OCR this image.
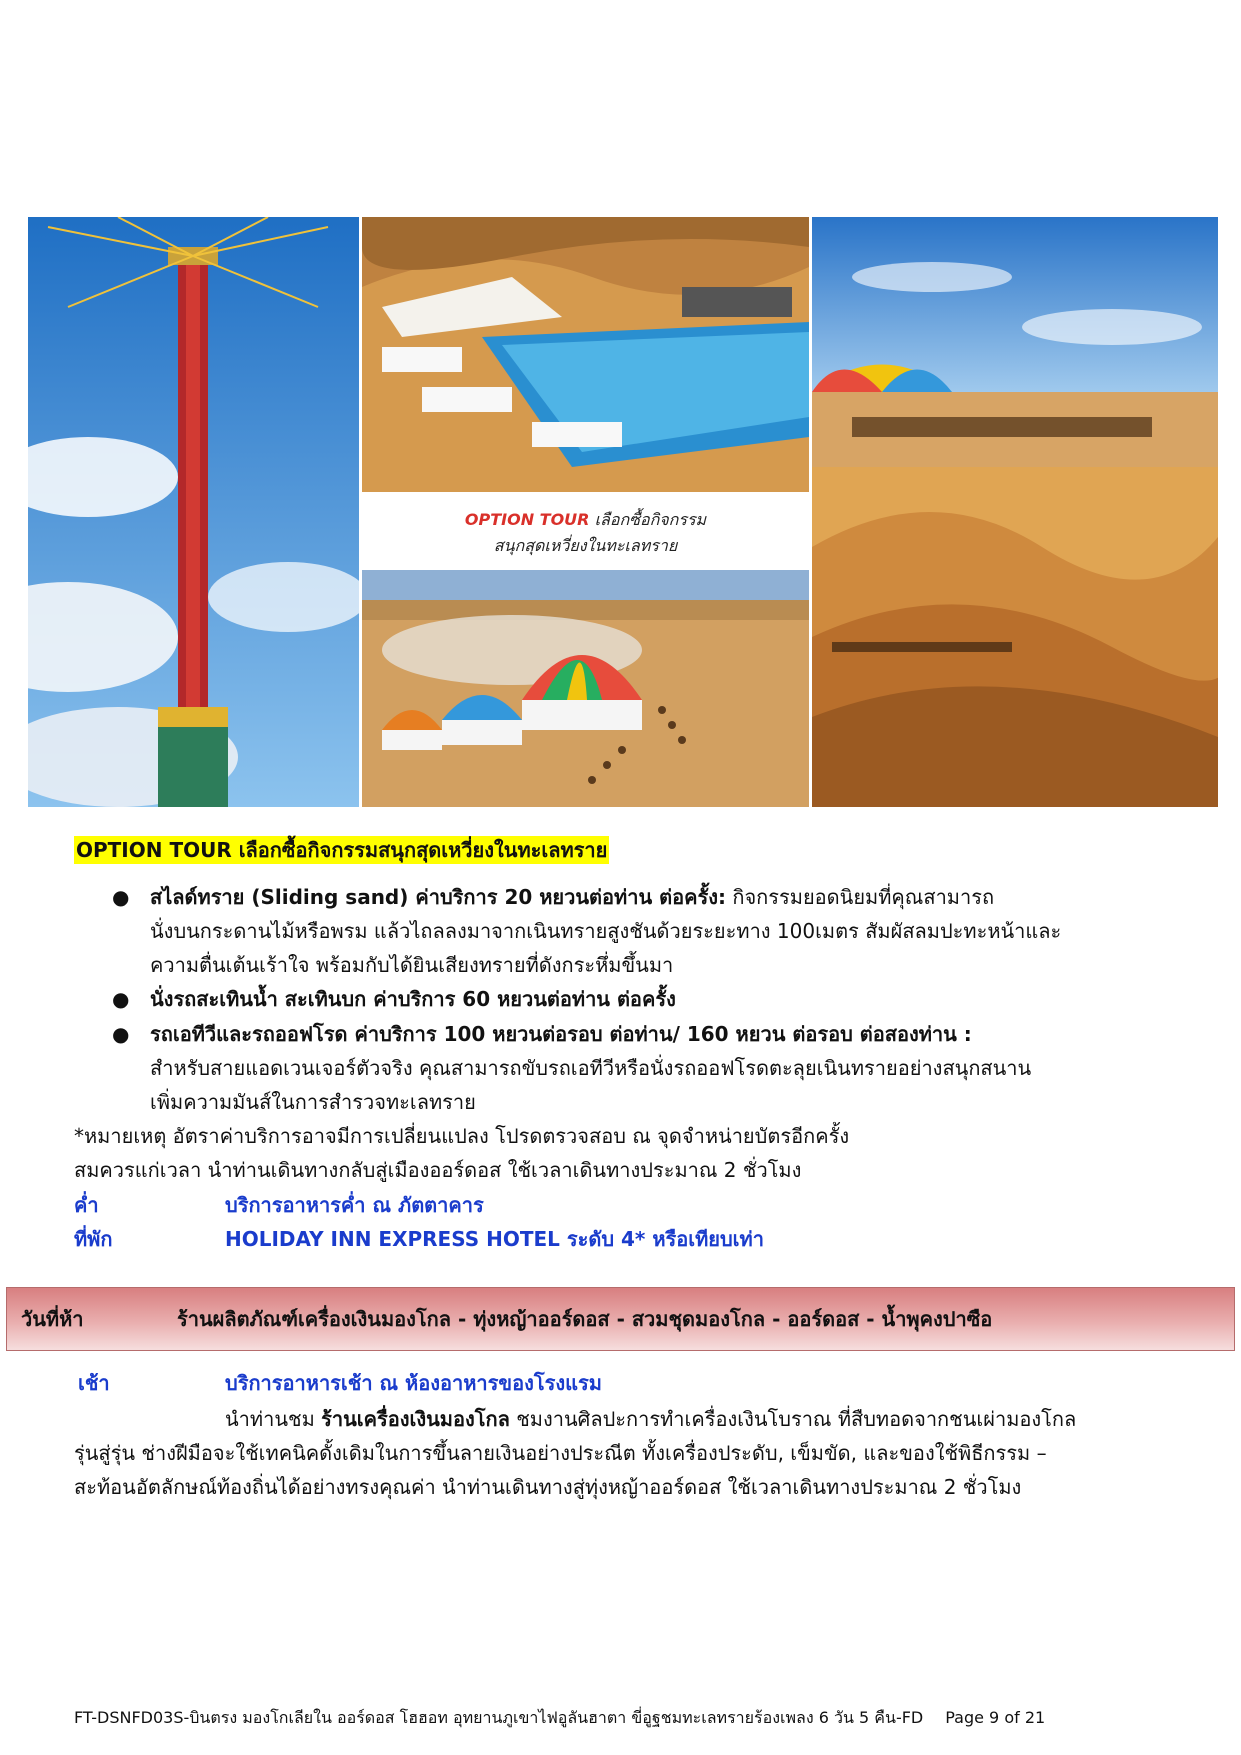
OPTION TOUR เลือกซื้อกิจกรรม
สนุกสุดเหวี่ยงในทะเลทราย
OPTION TOUR เลือกซื้อกิจกรรมสนุกสุดเหวี่ยงในทะเลทราย
● สไลด์ทราย (Sliding sand) ค่าบริการ 20 หยวนต่อท่าน ต่อครั้ง: กิจกรรมยอดนิยมที่คุณสามารถ
นั่งบนกระดานไม้หรือพรม แล้วไถลลงมาจากเนินทรายสูงชันด้วยระยะทาง 100เมตร สัมผัสลมปะทะหน้าและ
ความตื่นเต้นเร้าใจ พร้อมกับได้ยินเสียงทรายที่ดังกระหึ่มขึ้นมา
● นั่งรถสะเทินน้ำ สะเทินบก ค่าบริการ 60 หยวนต่อท่าน ต่อครั้ง
● รถเอทีวีและรถออฟโรด ค่าบริการ 100 หยวนต่อรอบ ต่อท่าน/ 160 หยวน ต่อรอบ ต่อสองท่าน :
สำหรับสายแอดเวนเจอร์ตัวจริง คุณสามารถขับรถเอทีวีหรือนั่งรถออฟโรดตะลุยเนินทรายอย่างสนุกสนาน
เพิ่มความมันส์ในการสำรวจทะเลทราย
*หมายเหตุ อัตราค่าบริการอาจมีการเปลี่ยนแปลง โปรดตรวจสอบ ณ จุดจำหน่ายบัตรอีกครั้ง
สมควรแก่เวลา นำท่านเดินทางกลับสู่เมืองออร์ดอส ใช้เวลาเดินทางประมาณ 2 ชั่วโมง
ค่ำ	บริการอาหารค่ำ ณ ภัตตาคาร
ที่พัก	HOLIDAY INN EXPRESS HOTEL ระดับ 4* หรือเทียบเท่า
วันที่ห้า	ร้านผลิตภัณฑ์เครื่องเงินมองโกล - ทุ่งหญ้าออร์ดอส - สวมชุดมองโกล - ออร์ดอส - น้ำพุคงปาซือ
เช้า	บริการอาหารเช้า ณ ห้องอาหารของโรงแรม
นำท่านชม ร้านเครื่องเงินมองโกล ชมงานศิลปะการทำเครื่องเงินโบราณ ที่สืบทอดจากชนเผ่ามองโกล
รุ่นสู่รุ่น ช่างฝีมือจะใช้เทคนิคดั้งเดิมในการขึ้นลายเงินอย่างประณีต ทั้งเครื่องประดับ, เข็มขัด, และของใช้พิธีกรรม –
สะท้อนอัตลักษณ์ท้องถิ่นได้อย่างทรงคุณค่า นำท่านเดินทางสู่ทุ่งหญ้าออร์ดอส ใช้เวลาเดินทางประมาณ 2 ชั่วโมง
FT-DSNFD03S-บินตรง มองโกเลียใน ออร์ดอส โฮฮอท อุทยานภูเขาไฟอูลันฮาตา ขี่อูฐชมทะเลทรายร้องเพลง 6 วัน 5 คืน-FD Page 9 of 21
